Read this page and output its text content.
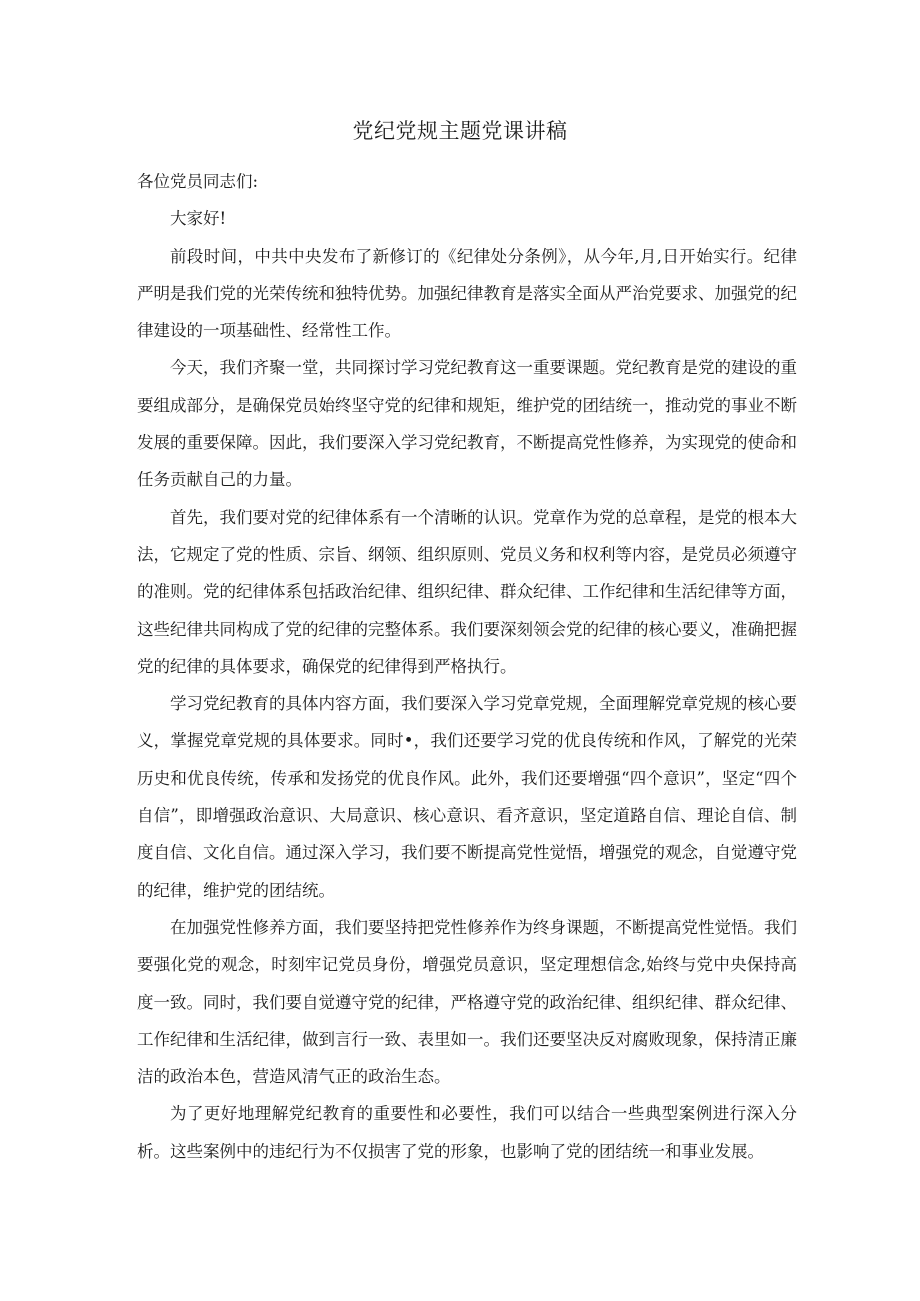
党纪党规主题党课讲稿

各位党员同志们:

大家好!

前段时间，中共中央发布了新修订的《纪律处分条例》，从今年,月,日开始实行。纪律严明是我们党的光荣传统和独特优势。加强纪律教育是落实全面从严治党要求、加强党的纪律建设的一项基础性、经常性工作。

今天，我们齐聚一堂，共同探讨学习党纪教育这一重要课题。党纪教育是党的建设的重要组成部分，是确保党员始终坚守党的纪律和规矩，维护党的团结统一，推动党的事业不断发展的重要保障。因此，我们要深入学习党纪教育，不断提高党性修养，为实现党的使命和任务贡献自己的力量。

首先，我们要对党的纪律体系有一个清晰的认识。党章作为党的总章程，是党的根本大法，它规定了党的性质、宗旨、纲领、组织原则、党员义务和权利等内容，是党员必须遵守的准则。党的纪律体系包括政治纪律、组织纪律、群众纪律、工作纪律和生活纪律等方面，这些纪律共同构成了党的纪律的完整体系。我们要深刻领会党的纪律的核心要义，准确把握党的纪律的具体要求，确保党的纪律得到严格执行。

学习党纪教育的具体内容方面，我们要深入学习党章党规，全面理解党章党规的核心要义，掌握党章党规的具体要求。同时•，我们还要学习党的优良传统和作风，了解党的光荣历史和优良传统，传承和发扬党的优良作风。此外，我们还要增强“四个意识”，坚定“四个自信”，即增强政治意识、大局意识、核心意识、看齐意识，坚定道路自信、理论自信、制度自信、文化自信。通过深入学习，我们要不断提高党性觉悟，增强党的观念，自觉遵守党的纪律，维护党的团结统。

在加强党性修养方面，我们要坚持把党性修养作为终身课题，不断提高党性觉悟。我们要强化党的观念，时刻牢记党员身份，增强党员意识，坚定理想信念,始终与党中央保持高度一致。同时，我们要自觉遵守党的纪律，严格遵守党的政治纪律、组织纪律、群众纪律、工作纪律和生活纪律，做到言行一致、表里如一。我们还要坚决反对腐败现象，保持清正廉洁的政治本色，营造风清气正的政治生态。

为了更好地理解党纪教育的重要性和必要性，我们可以结合一些典型案例进行深入分析。这些案例中的违纪行为不仅损害了党的形象，也影响了党的团结统一和事业发展。
